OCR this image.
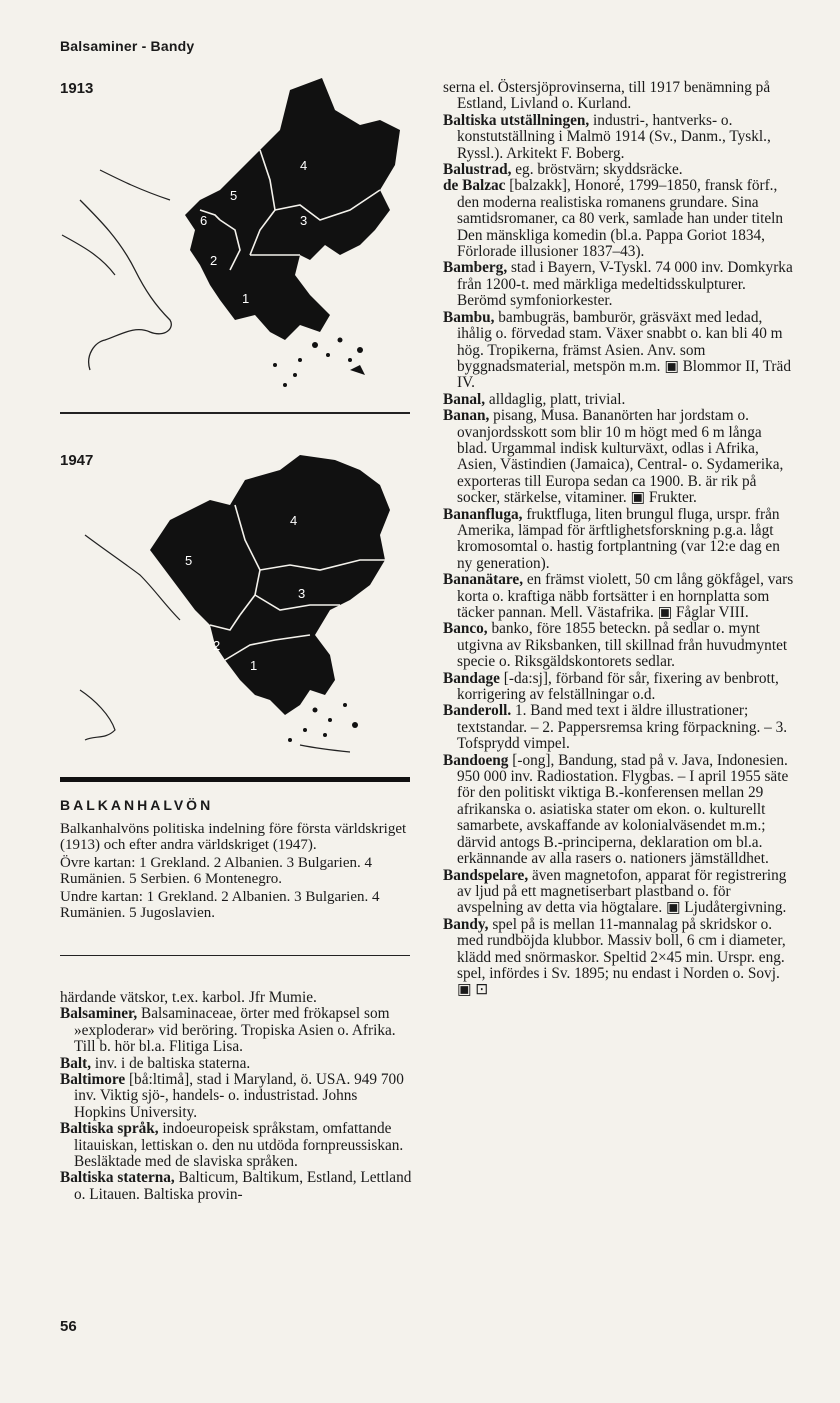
Balsaminer - Bandy
1913
4
5
6	3
2
1
1947
4
5
3
2
1
BALKANHALVÖN

Balkanhalvöns politiska indelning före första världskriget (1913) och efter andra världskriget (1947).

Övre kartan: 1 Grekland. 2 Albanien. 3 Bulgarien. 4 Rumänien. 5 Serbien. 6 Montenegro.

Undre kartan: 1 Grekland. 2 Albanien. 3 Bulgarien. 4 Rumänien. 5 Jugoslavien.

härdande vätskor, t.ex. karbol. Jfr Mumie.

Balsaminer, Balsaminaceae, örter med frökapsel som »exploderar» vid beröring. Tropiska Asien o. Afrika. Till b. hör bl.a. Flitiga Lisa.

Balt, inv. i de baltiska staterna.

Baltimore [bå:ltimå], stad i Maryland, ö. USA. 949 700 inv. Viktig sjö-, handels- o. industristad. Johns Hopkins University.

Baltiska språk, indoeuropeisk språkstam, omfattande litauiskan, lettiskan o. den nu utdöda fornpreussiskan. Besläktade med de slaviska språken.

Baltiska staterna, Balticum, Baltikum, Estland, Lettland o. Litauen. Baltiska provin-

serna el. Östersjöprovinserna, till 1917 benämning på Estland, Livland o. Kurland.

Baltiska utställningen, industri-, hantverks- o. konstutställning i Malmö 1914 (Sv., Danm., Tyskl., Ryssl.). Arkitekt F. Boberg.

Balustrad, eg. bröstvärn; skyddsräcke.

de Balzac [balzakk], Honoré, 1799–1850, fransk förf., den moderna realistiska romanens grundare. Sina samtidsromaner, ca 80 verk, samlade han under titeln Den mänskliga komedin (bl.a. Pappa Goriot 1834, Förlorade illusioner 1837–43).

Bamberg, stad i Bayern, V-Tyskl. 74 000 inv. Domkyrka från 1200-t. med märkliga medeltidsskulpturer. Berömd symfoniorkester.

Bambu, bambugräs, bamburör, gräsväxt med ledad, ihålig o. förvedad stam. Växer snabbt o. kan bli 40 m hög. Tropikerna, främst Asien. Anv. som byggnadsmaterial, metspön m.m. ▣ Blommor II, Träd IV.

Banal, alldaglig, platt, trivial.

Banan, pisang, Musa. Bananörten har jordstam o. ovanjordsskott som blir 10 m högt med 6 m långa blad. Urgammal indisk kulturväxt, odlas i Afrika, Asien, Västindien (Jamaica), Central- o. Sydamerika, exporteras till Europa sedan ca 1900. B. är rik på socker, stärkelse, vitaminer. ▣ Frukter.

Bananfluga, fruktfluga, liten brungul fluga, urspr. från Amerika, lämpad för ärftlighetsforskning p.g.a. lågt kromosomtal o. hastig fortplantning (var 12:e dag en ny generation).

Bananätare, en främst violett, 50 cm lång gökfågel, vars korta o. kraftiga näbb fortsätter i en hornplatta som täcker pannan. Mell. Västafrika. ▣ Fåglar VIII.

Banco, banko, före 1855 beteckn. på sedlar o. mynt utgivna av Riksbanken, till skillnad från huvudmyntet specie o. Riksgäldskontorets sedlar.

Bandage [-da:sj], förband för sår, fixering av benbrott, korrigering av felställningar o.d.

Banderoll. 1. Band med text i äldre illustrationer; textstandar. – 2. Pappersremsa kring förpackning. – 3. Tofsprydd vimpel.

Bandoeng [-ong], Bandung, stad på v. Java, Indonesien. 950 000 inv. Radiostation. Flygbas. – I april 1955 säte för den politiskt viktiga B.-konferensen mellan 29 afrikanska o. asiatiska stater om ekon. o. kulturellt samarbete, avskaffande av kolonialväsendet m.m.; därvid antogs B.-principerna, deklaration om bl.a. erkännande av alla rasers o. nationers jämställdhet.

Bandspelare, även magnetofon, apparat för registrering av ljud på ett magnetiserbart plastband o. för avspelning av detta via högtalare. ▣ Ljudåtergivning.

Bandy, spel på is mellan 11-mannalag på skridskor o. med rundböjda klubbor. Massiv boll, 6 cm i diameter, klädd med snörmaskor. Speltid 2×45 min. Urspr. eng. spel, infördes i Sv. 1895; nu endast i Norden o. Sovj. ▣ ⊡

56
